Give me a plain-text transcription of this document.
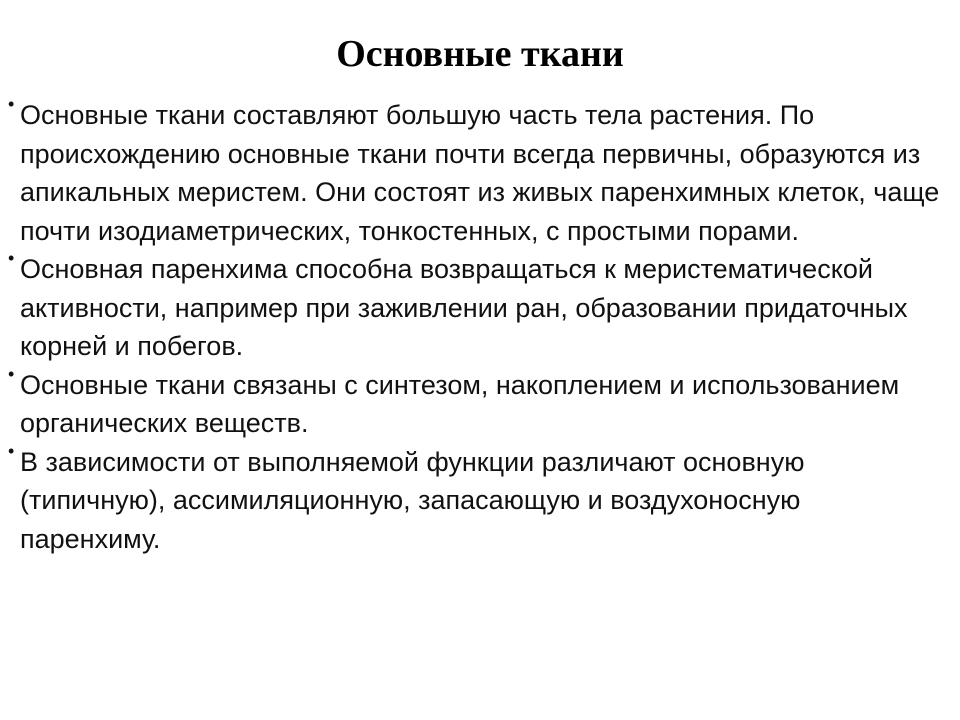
Основные ткани
• Основные ткани составляют большую часть тела растения. По происхождению основные ткани почти всегда первичны, образуются из апикальных меристем. Они состоят из живых паренхимных клеток, чаще почти изодиаметрических, тонкостенных, с простыми порами.
• Основная паренхима способна возвращаться к меристематической активности, например при заживлении ран, образовании придаточных корней и побегов.
• Основные ткани связаны с синтезом, накоплением и использованием органических веществ.
• В зависимости от выполняемой функции различают основную (типичную), ассимиляционную, запасающую и воздухоносную паренхиму.
